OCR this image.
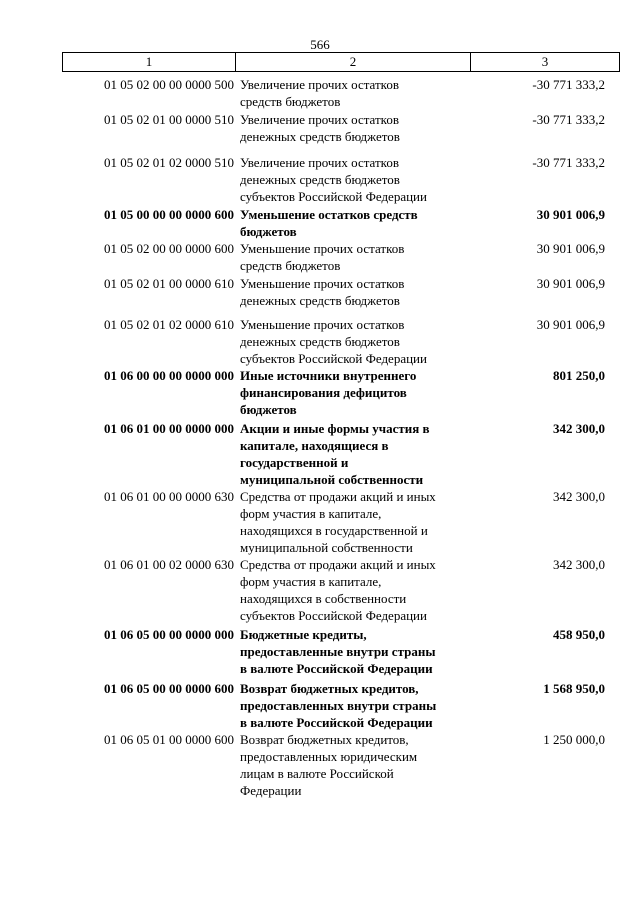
566
1	2	3
01 05 02 00 00 0000 500 Увеличение прочих остатков
средств бюджетов
-30 771 333,2
01 05 02 01 00 0000 510 Увеличение прочих остатков
денежных средств бюджетов
-30 771 333,2
01 05 02 01 02 0000 510 Увеличение прочих остатков
денежных средств бюджетов
субъектов Российской Федерации
-30 771 333,2
01 05 00 00 00 0000 600 Уменьшение остатков средств
бюджетов
30 901 006,9
01 05 02 00 00 0000 600 Уменьшение прочих остатков
средств бюджетов
30 901 006,9
01 05 02 01 00 0000 610 Уменьшение прочих остатков
денежных средств бюджетов
30 901 006,9
01 05 02 01 02 0000 610 Уменьшение прочих остатков
денежных средств бюджетов
субъектов Российской Федерации
30 901 006,9
01 06 00 00 00 0000 000 Иные источники внутреннего
финансирования дефицитов
бюджетов
801 250,0
01 06 01 00 00 0000 000 Акции и иные формы участия в
капитале, находящиеся в
государственной и
муниципальной собственности
342 300,0
01 06 01 00 00 0000 630 Средства от продажи акций и иных
форм участия в капитале,
находящихся в государственной и
муниципальной собственности
342 300,0
01 06 01 00 02 0000 630 Средства от продажи акций и иных
форм участия в капитале,
находящихся в собственности
субъектов Российской Федерации
342 300,0
01 06 05 00 00 0000 000 Бюджетные кредиты,
предоставленные внутри страны
в валюте Российской Федерации
458 950,0
01 06 05 00 00 0000 600 Возврат бюджетных кредитов,
предоставленных внутри страны
в валюте Российской Федерации
1 568 950,0
01 06 05 01 00 0000 600 Возврат бюджетных кредитов,
предоставленных юридическим
лицам в валюте Российской
Федерации
1 250 000,0
